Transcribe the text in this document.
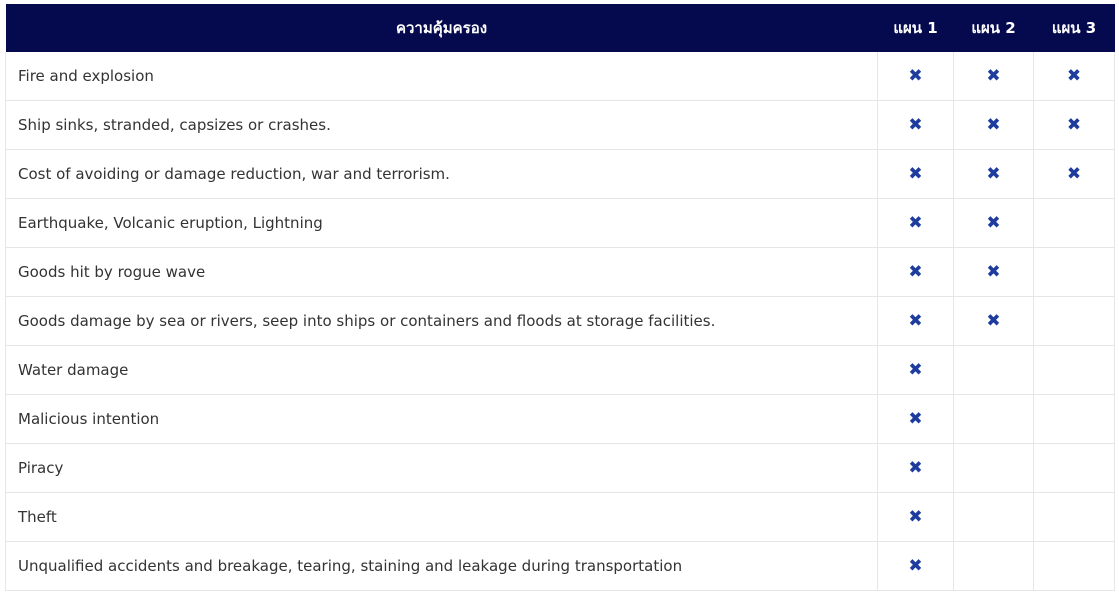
ความคุ้มครอง	แผน 1	แผน 2	แผน 3
Fire and explosion	✖	✖	✖
Ship sinks, stranded, capsizes or crashes.	✖	✖	✖
Cost of avoiding or damage reduction, war and terrorism.	✖	✖	✖
Earthquake, Volcanic eruption, Lightning	✖	✖	
Goods hit by rogue wave	✖	✖	
Goods damage by sea or rivers, seep into ships or containers and floods at storage facilities.	✖	✖	
Water damage	✖		
Malicious intention	✖		
Piracy	✖		
Theft	✖		
Unqualified accidents and breakage, tearing, staining and leakage during transportation	✖		
